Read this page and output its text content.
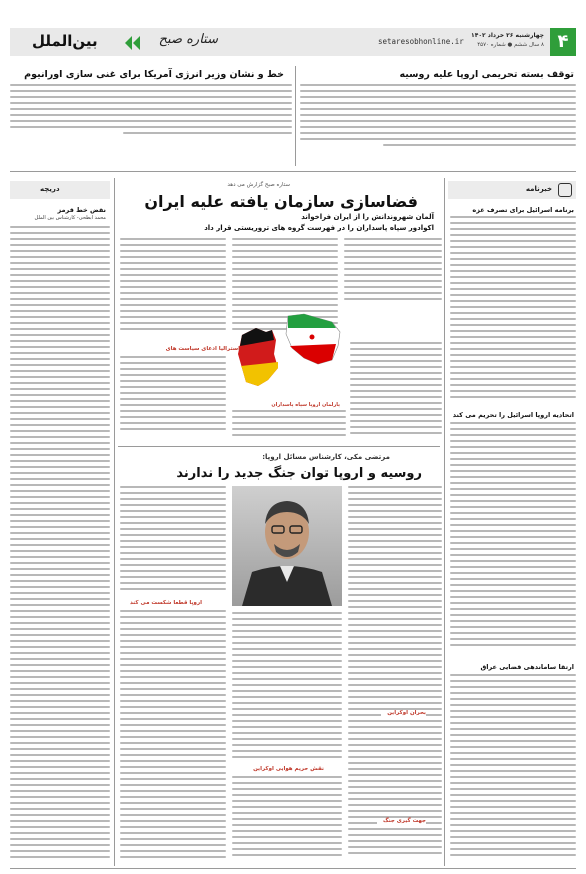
۴
چهارشنبه ۲۶ خرداد ۱۴۰۲
۸ سال ششم ● شماره ۴۵۷۰
setaresobhonline.ir
ستاره صبح
بین‌الملل
توقف بسته تحریمی اروپا علیه روسیه
خط و نشان وزیر انرژی آمریکا برای غنی سازی اورانیوم
خبرنامه
برنامه اسرائیل برای تصرف غزه
اتحادیه اروپا اسرائیل را تحریم می کند
ارتقا ساماندهی قضایی عراق
دریچه
نقض خط قرمز
محمد ابطحی- کارشناس بین الملل
ستاره صبح گزارش می دهد
فضاسازی سازمان یافته علیه ایران
آلمان شهروندانش را از ایران فراخواند
اکوادور سپاه پاسداران را در فهرست گروه های تروریستی قرار داد
پارلمان اروپا سپاه پاسداران
استرالیا ادعای سیاست های
مرتضی مکی، کارشناس مسائل اروپا:
روسیه و اروپا توان جنگ جدید را ندارند
بحران اوکراین
جهت گیری جنگ
اروپا قطعا شکست می کند
نقش حریم هوایی اوکراین
